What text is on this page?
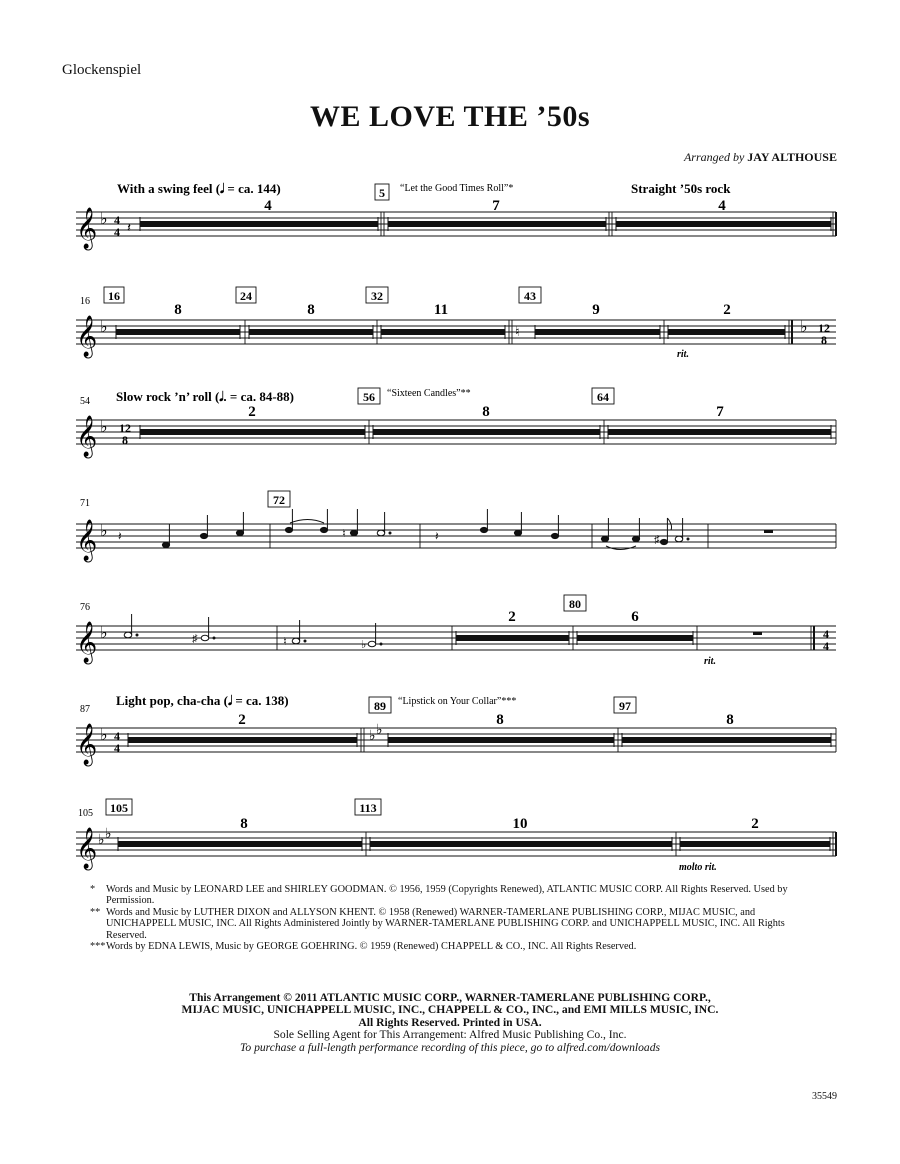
Glockenspiel
WE LOVE THE ’50s
Arranged by JAY ALTHOUSE
𝄞 ♭ 4
4 𝄽
With a swing feel (𝅘𝅥 = ca. 144)
4
5 “Let the Good Times Roll”*
7
Straight ’50s rock
4
𝄞 ♭
16 16
8
24
8
32
11
43
♮
9	2
rit.
♭ 12
8
𝄞 ♭ 12
8
54 Slow rock ’n’ roll (𝅘𝅥. = ca. 84-88)
2
56 “Sixteen Candles”**
8
64
7
𝄞 ♭
71
𝄽	♮	𝄽	♯
72
𝄞 ♭
76
♯	♮	♭
2
80
6
rit.
4
4
𝄞 ♭ 4
4
87
Light pop, cha-cha (𝅘𝅥 = ca. 138)
2
89 “Lipstick on Your Collar”***
♭ ♭
8
97
8
𝄞 ♭ ♭
105 105
8
113
10	2
molto rit.
* Words and Music by LEONARD LEE and SHIRLEY GOODMAN. © 1956, 1959 (Copyrights Renewed), ATLANTIC MUSIC CORP. All Rights Reserved. Used by Permission.
** Words and Music by LUTHER DIXON and ALLYSON KHENT. © 1958 (Renewed) WARNER-TAMERLANE PUBLISHING CORP., MIJAC MUSIC, and UNICHAPPELL MUSIC, INC. All Rights Administered Jointly by WARNER-TAMERLANE PUBLISHING CORP. and UNICHAPPELL MUSIC, INC. All Rights Reserved.
*** Words by EDNA LEWIS, Music by GEORGE GOEHRING. © 1959 (Renewed) CHAPPELL & CO., INC. All Rights Reserved.
This Arrangement © 2011 ATLANTIC MUSIC CORP., WARNER-TAMERLANE PUBLISHING CORP.,
MIJAC MUSIC, UNICHAPPELL MUSIC, INC., CHAPPELL & CO., INC., and EMI MILLS MUSIC, INC.
All Rights Reserved. Printed in USA.
Sole Selling Agent for This Arrangement: Alfred Music Publishing Co., Inc.
To purchase a full-length performance recording of this piece, go to alfred.com/downloads
35549
